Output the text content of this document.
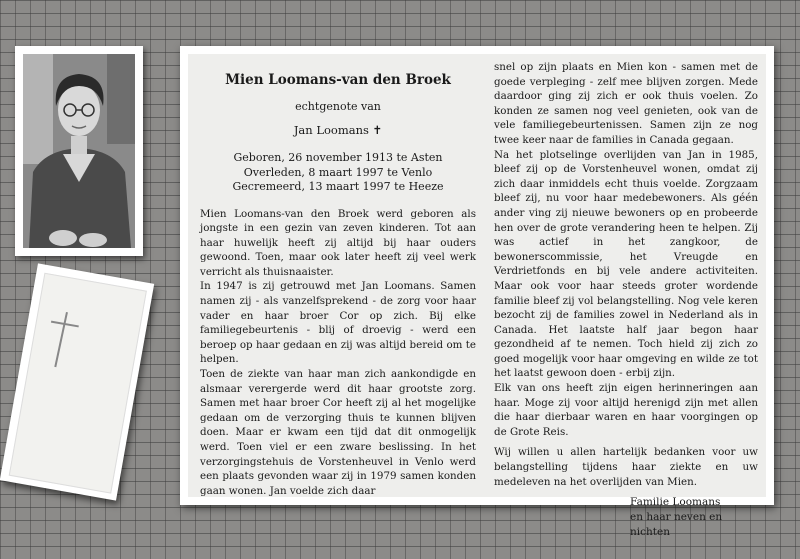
Mien Loomans-van den Broek
echtgenote van
Jan Loomans ✝
Geboren, 26 november 1913 te Asten
Overleden, 8 maart 1997 te Venlo
Gecremeerd, 13 maart 1997 te Heeze

Mien Loomans-van den Broek werd geboren als jongste in een gezin van zeven kinderen. Tot aan haar huwelijk heeft zij altijd bij haar ouders gewoond. Toen, maar ook later heeft zij veel werk verricht als thuisnaaister.

In 1947 is zij getrouwd met Jan Loomans. Samen namen zij - als vanzelfsprekend - de zorg voor haar vader en haar broer Cor op zich. Bij elke familiegebeurtenis - blij of droevig - werd een beroep op haar gedaan en zij was altijd bereid om te helpen.

Toen de ziekte van haar man zich aankondigde en alsmaar verergerde werd dit haar grootste zorg. Samen met haar broer Cor heeft zij al het mogelijke gedaan om de verzorging thuis te kunnen blijven doen. Maar er kwam een tijd dat dit onmogelijk werd. Toen viel er een zware beslissing. In het verzorgingstehuis de Vorstenheuvel in Venlo werd een plaats gevonden waar zij in 1979 samen konden gaan wonen. Jan voelde zich daar

snel op zijn plaats en Mien kon - samen met de goede verpleging - zelf mee blijven zorgen. Mede daardoor ging zij zich er ook thuis voelen. Zo konden ze samen nog veel genieten, ook van de vele familiegebeurtenissen. Samen zijn ze nog twee keer naar de families in Canada gegaan.

Na het plotselinge overlijden van Jan in 1985, bleef zij op de Vorstenheuvel wonen, omdat zij zich daar inmiddels echt thuis voelde. Zorgzaam bleef zij, nu voor haar medebewoners. Als géén ander ving zij nieuwe bewoners op en probeerde hen over de grote verandering heen te helpen. Zij was actief in het zangkoor, de bewonerscommissie, het Vreugde en Verdrietfonds en bij vele andere activiteiten. Maar ook voor haar steeds groter wordende familie bleef zij vol belangstelling. Nog vele keren bezocht zij de families zowel in Nederland als in Canada. Het laatste half jaar begon haar gezondheid af te nemen. Toch hield zij zich zo goed mogelijk voor haar omgeving en wilde ze tot het laatst gewoon doen - erbij zijn.

Elk van ons heeft zijn eigen herinneringen aan haar. Moge zij voor altijd herenigd zijn met allen die haar dierbaar waren en haar voorgingen op de Grote Reis.

Wij willen u allen hartelijk bedanken voor uw belangstelling tijdens haar ziekte en uw medeleven na het overlijden van Mien.

Familie Loomans
en haar neven en nichten
